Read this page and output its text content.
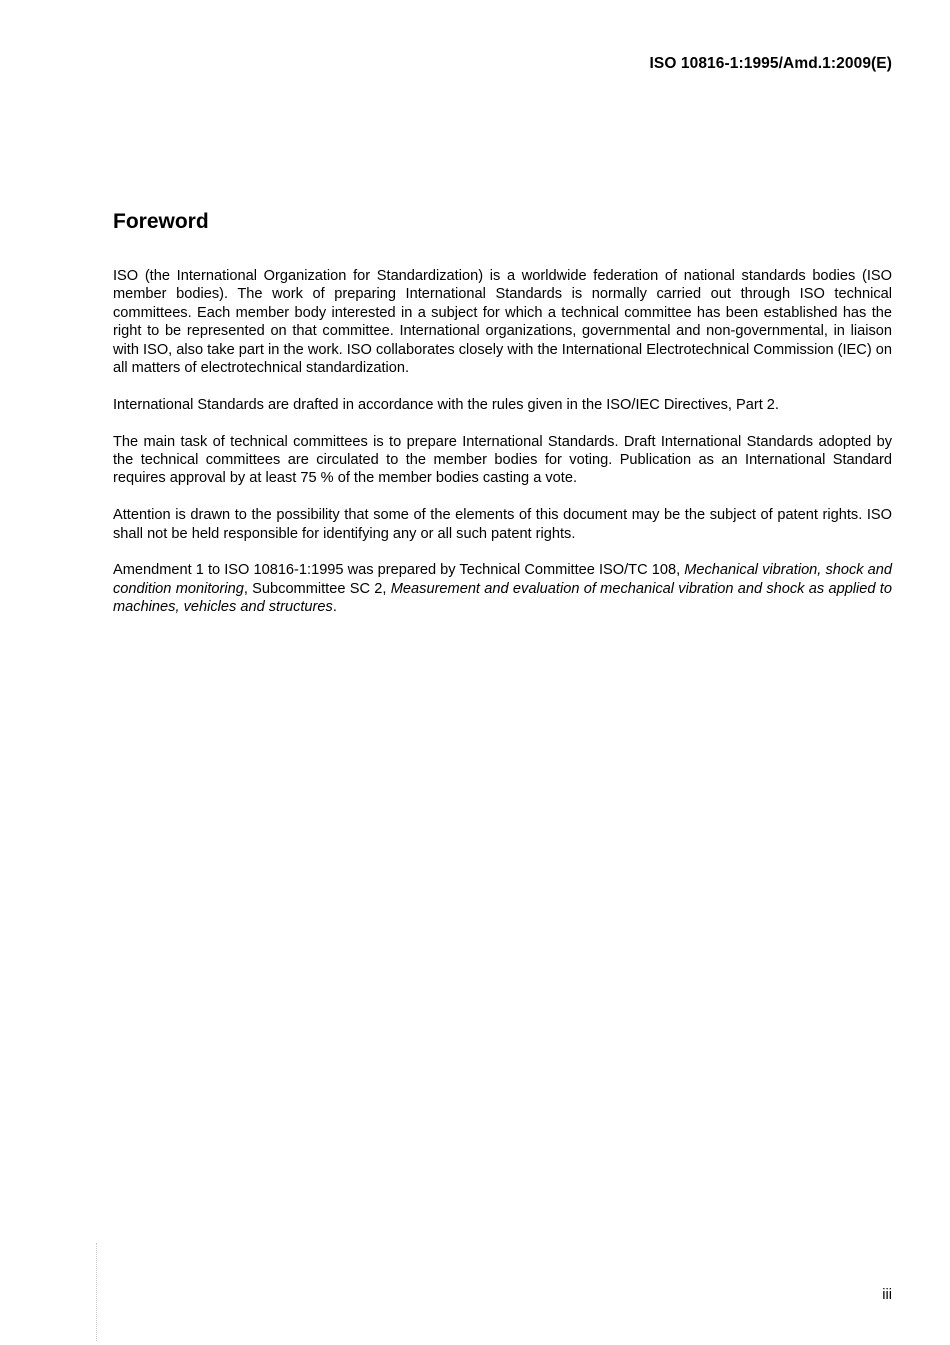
ISO 10816-1:1995/Amd.1:2009(E)
Foreword

ISO (the International Organization for Standardization) is a worldwide federation of national standards bodies (ISO member bodies). The work of preparing International Standards is normally carried out through ISO technical committees. Each member body interested in a subject for which a technical committee has been established has the right to be represented on that committee. International organizations, governmental and non-governmental, in liaison with ISO, also take part in the work. ISO collaborates closely with the International Electrotechnical Commission (IEC) on all matters of electrotechnical standardization.

International Standards are drafted in accordance with the rules given in the ISO/IEC Directives, Part 2.

The main task of technical committees is to prepare International Standards. Draft International Standards adopted by the technical committees are circulated to the member bodies for voting. Publication as an International Standard requires approval by at least 75 % of the member bodies casting a vote.

Attention is drawn to the possibility that some of the elements of this document may be the subject of patent rights. ISO shall not be held responsible for identifying any or all such patent rights.

Amendment 1 to ISO 10816-1:1995 was prepared by Technical Committee ISO/TC 108, Mechanical vibration, shock and condition monitoring, Subcommittee SC 2, Measurement and evaluation of mechanical vibration and shock as applied to machines, vehicles and structures.

iii
